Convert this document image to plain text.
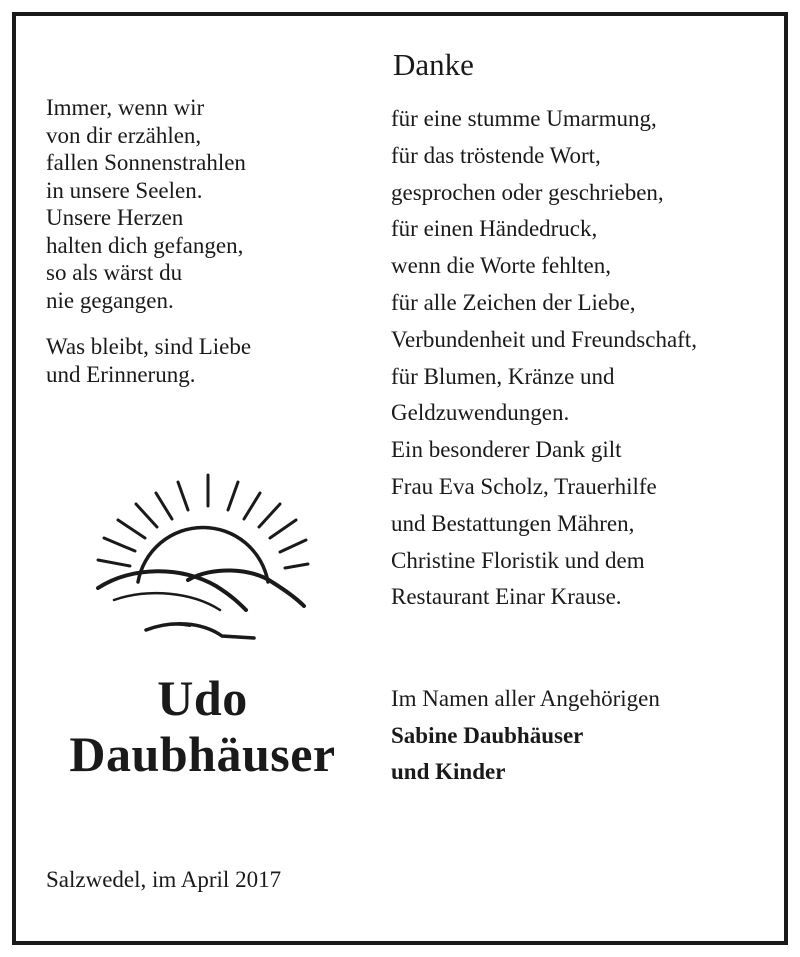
Immer, wenn wir
von dir erzählen,
fallen Sonnenstrahlen
in unsere Seelen.
Unsere Herzen
halten dich gefangen,
so als wärst du
nie gegangen.
Was bleibt, sind Liebe
und Erinnerung.
Udo
Daubhäuser
Salzwedel, im April 2017
Danke
für eine stumme Umarmung,
für das tröstende Wort,
gesprochen oder geschrieben,
für einen Händedruck,
wenn die Worte fehlten,
für alle Zeichen der Liebe,
Verbundenheit und Freundschaft,
für Blumen, Kränze und
Geldzuwendungen.
Ein besonderer Dank gilt
Frau Eva Scholz, Trauerhilfe
und Bestattungen Mähren,
Christine Floristik und dem
Restaurant Einar Krause.
Im Namen aller Angehörigen
Sabine Daubhäuser
und Kinder
